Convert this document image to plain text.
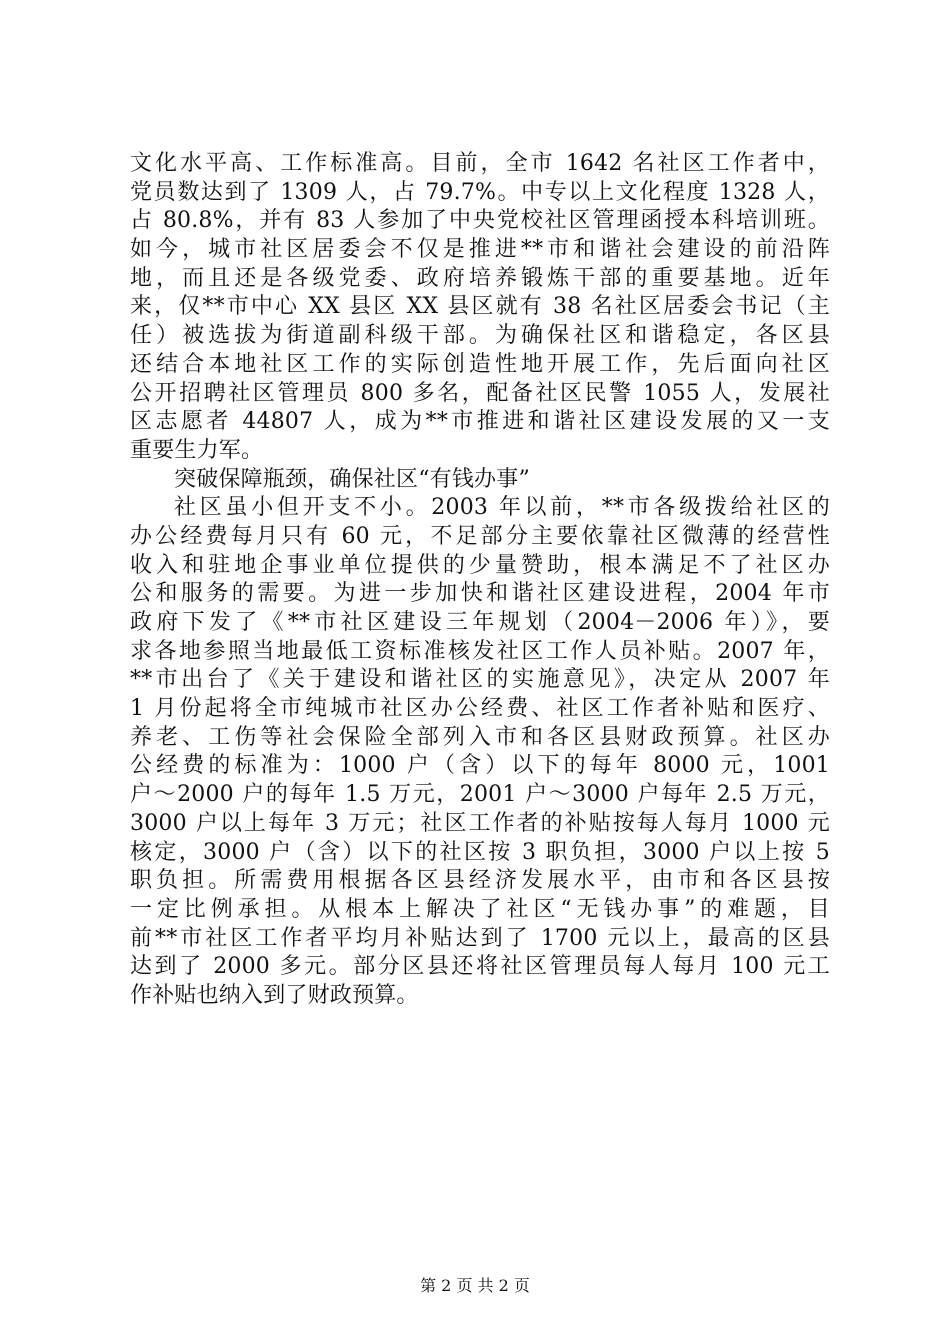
文化水平高、工作标准高。目前，全市 1642 名社区工作者中，
党员数达到了 1309 人，占 79.7%。中专以上文化程度 1328 人，
占 80.8%，并有 83 人参加了中央党校社区管理函授本科培训班。
如今，城市社区居委会不仅是推进**市和谐社会建设的前沿阵
地，而且还是各级党委、政府培养锻炼干部的重要基地。近年
来，仅**市中心 XX 县区 XX 县区就有 38 名社区居委会书记（主
任）被选拔为街道副科级干部。为确保社区和谐稳定，各区县
还结合本地社区工作的实际创造性地开展工作，先后面向社区
公开招聘社区管理员 800 多名，配备社区民警 1055 人，发展社
区志愿者 44807 人，成为**市推进和谐社区建设发展的又一支
重要生力军。
突破保障瓶颈，确保社区“有钱办事”
社区虽小但开支不小。2003 年以前，**市各级拨给社区的
办公经费每月只有 60 元，不足部分主要依靠社区微薄的经营性
收入和驻地企事业单位提供的少量赞助，根本满足不了社区办
公和服务的需要。为进一步加快和谐社区建设进程，2004 年市
政府下发了《**市社区建设三年规划（2004－2006 年）》，要
求各地参照当地最低工资标准核发社区工作人员补贴。2007 年，
**市出台了《关于建设和谐社区的实施意见》，决定从 2007 年
1 月份起将全市纯城市社区办公经费、社区工作者补贴和医疗、
养老、工伤等社会保险全部列入市和各区县财政预算。社区办
公经费的标准为：1000 户（含）以下的每年 8000 元，1001
户～2000 户的每年 1.5 万元，2001 户～3000 户每年 2.5 万元，
3000 户以上每年 3 万元；社区工作者的补贴按每人每月 1000 元
核定，3000 户（含）以下的社区按 3 职负担，3000 户以上按 5
职负担。所需费用根据各区县经济发展水平，由市和各区县按
一定比例承担。从根本上解决了社区“无钱办事”的难题，目
前**市社区工作者平均月补贴达到了 1700 元以上，最高的区县
达到了 2000 多元。部分区县还将社区管理员每人每月 100 元工
作补贴也纳入到了财政预算。
第 2 页 共 2 页
